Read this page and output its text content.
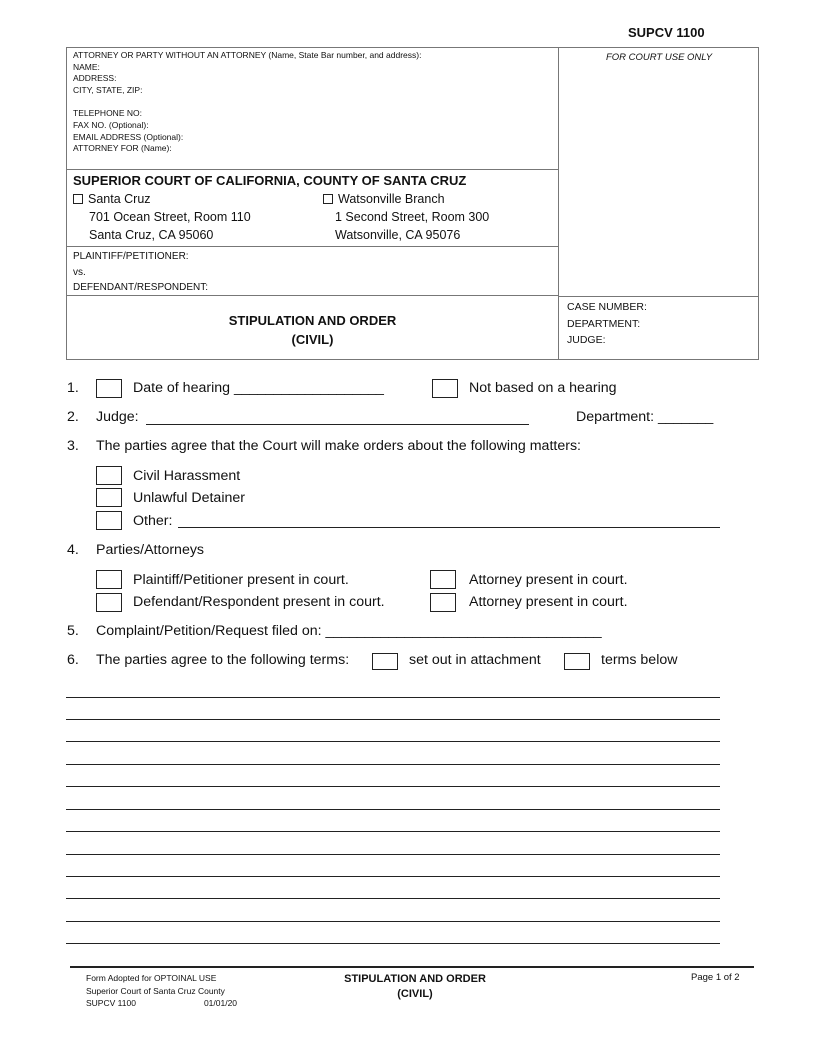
SUPCV 1100
ATTORNEY OR PARTY WITHOUT AN ATTORNEY (Name, State Bar number, and address):
NAME:
ADDRESS:
CITY, STATE, ZIP:
TELEPHONE NO:
FAX NO. (Optional):
EMAIL ADDRESS (Optional):
ATTORNEY FOR (Name):
FOR COURT USE ONLY
SUPERIOR COURT OF CALIFORNIA, COUNTY OF SANTA CRUZ
Santa Cruz	Watsonville Branch
701 Ocean Street, Room 110	1 Second Street, Room 300
Santa Cruz, CA 95060	Watsonville, CA 95076
PLAINTIFF/PETITIONER:
vs.
DEFENDANT/RESPONDENT:
STIPULATION AND ORDER
(CIVIL)
CASE NUMBER:
DEPARTMENT:
JUDGE:
1.	Date of hearing ___________________	Not based on a hearing
2. Judge:	Department: _______
3. The parties agree that the Court will make orders about the following matters:
Civil Harassment
Unlawful Detainer
Other:
4. Parties/Attorneys
Plaintiff/Petitioner present in court.	Attorney present in court.
Defendant/Respondent present in court.	Attorney present in court.
5. Complaint/Petition/Request filed on: ___________________________________
6. The parties agree to the following terms:	set out in attachment	terms below
Form Adopted for OPTOINAL USE
Superior Court of Santa Cruz County
SUPCV 1100	01/01/20
STIPULATION AND ORDER
(CIVIL)
Page 1 of 2
